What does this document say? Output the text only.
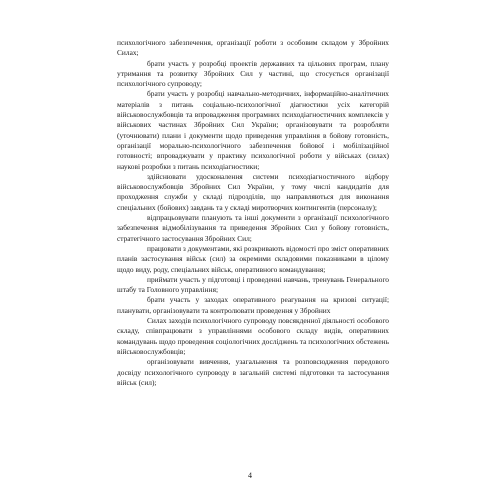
психологічного забезпечення, організації роботи з особовим складом у Збройних Силах;

брати участь у розробці проектів державних та цільових програм, плану утримання та розвитку Збройних Сил у частині, що стосується організації психологічного супроводу;

брати участь у розробці навчально-методичних, інформаційно-аналітичних матеріалів з питань соціально-психологічної діагностики усіх категорій військовослужбовців та впровадження програмних психодіагностичних комплексів у військових частинах Збройних Сил України; організовувати та розробляти (уточнювати) плани і документи щодо приведення управління в бойову готовність, організації морально-психологічного забезпечення бойової і мобілізаційної готовності; впроваджувати у практику психологічної роботи у військах (силах) наукові розробки з питань психодіагностики;

здійснювати удосконалення системи психодіагностичного відбору військовослужбовців Збройних Сил України, у тому числі кандидатів для проходження служби у складі підрозділів, що направляються для виконання спеціальних (бойових) завдань та у складі миротворчих контингентів (персоналу);

відпрацьовувати планують та інші документи з організації психологічного забезпечення відмобілізування та приведення Збройних Сил у бойову готовність, стратегічного застосування Збройних Сил;

працювати з документами, які розкривають відомості про зміст оперативних планів застосування військ (сил) за окремими складовими показниками в цілому щодо виду, роду, спеціальних військ, оперативного командування;

приймати участь у підготовці і проведенні навчань, тренувань Генерального штабу та Головного управління;

брати участь у заходах оперативного реагування на кризові ситуації; планувати, організовувати та контролювати проведення у Збройних

Силах заходів психологічного супроводу повсякденної діяльності особового складу, співпрацювати з управліннями особового складу видів, оперативних командувань щодо проведення соціологічних досліджень та психологічних обстежень військовослужбовців;

організовувати вивчення, узагальнення та розповсюдження передового досвіду психологічного супроводу в загальній системі підготовки та застосування військ (сил);

4
